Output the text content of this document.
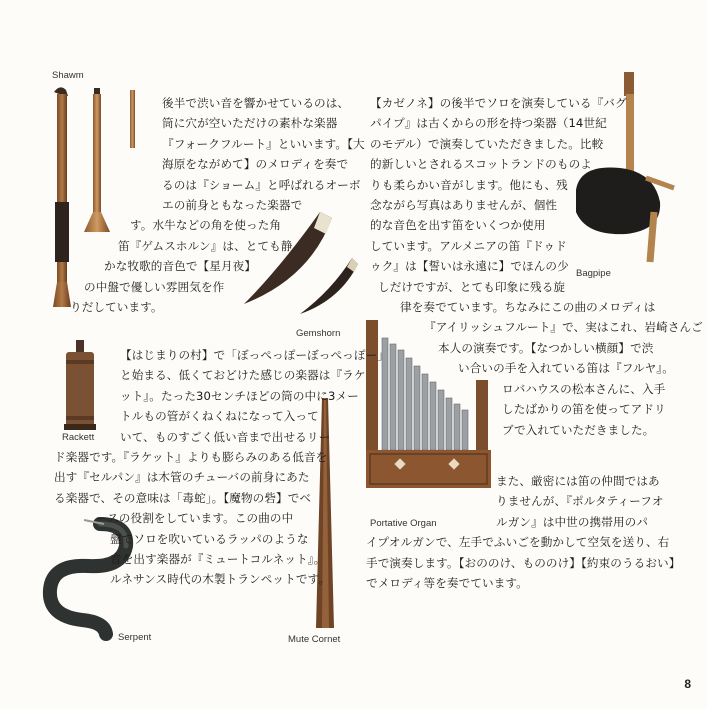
Shawm
Gemshorn
Rackett
Serpent	Mute Cornet
Bagpipe
Portative Organ
後半で渋い音を響かせているのは、
筒に穴が空いただけの素朴な楽器
『フォークフルート』といいます。【大
海原をながめて】のメロディを奏で
るのは『ショーム』と呼ばれるオーボ
エの前身ともなった楽器で
す。水牛などの角を使った角
笛『ゲムスホルン』は、とても静
かな牧歌的音色で【星月夜】
の中盤で優しい雰囲気を作
りだしています。
【はじまりの村】で「ぼっぺっぽーぼっぺっぽー」
と始まる、低くておどけた感じの楽器は『ラケ
ット』。たった30センチほどの筒の中に3メー
トルもの管がくねくねになって入って
いて、ものすごく低い音まで出せるリー
ド楽器です。『ラケット』よりも膨らみのある低音を
出す『セルパン』は木管のチューバの前身にあた
る楽器で、その意味は「毒蛇」。【魔物の砦】でベ
ースの役割をしています。この曲の中
盤でソロを吹いているラッパのような
音を出す楽器が『ミュートコルネット』。
ルネサンス時代の木製トランペットです。
【カゼノネ】の後半でソロを演奏している『バグ
パイプ』は古くからの形を持つ楽器（14世紀
のモデル）で演奏していただきました。比較
的新しいとされるスコットランドのものよ
りも柔らかい音がします。他にも、残
念ながら写真はありませんが、個性
的な音色を出す笛をいくつか使用
しています。アルメニアの笛『ドゥド
ゥク』は【誓いは永遠に】でほんの少
しだけですが、とても印象に残る旋
律を奏でています。ちなみにこの曲のメロディは
『アイリッシュフルート』で、実はこれ、岩崎さんご
本人の演奏です。【なつかしい横顔】で渋
い合いの手を入れている笛は『フルヤ』。
ロバハウスの松本さんに、入手
したばかりの笛を使ってアドリ
ブで入れていただきました。
また、厳密には笛の仲間ではあ
りませんが、『ポルタティーフオ
ルガン』は中世の携帯用のパ
イプオルガンで、左手でふいごを動かして空気を送り、右
手で演奏します。【おののけ、もののけ】【約束のうるおい】
でメロディ等を奏でています。
8
